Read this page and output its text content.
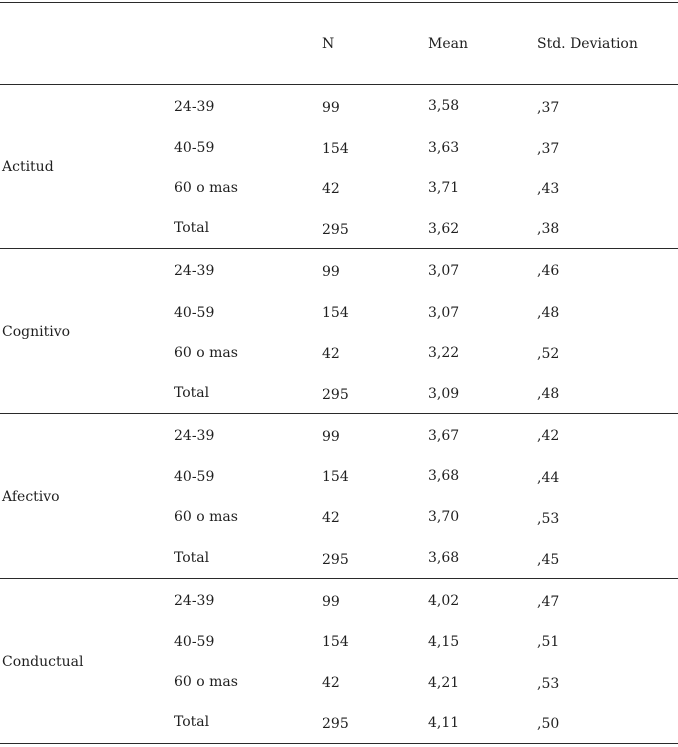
N	Mean	Std. Deviation
Actitud
24-39	99	3,58	,37
40-59	154	3,63	,37
60 o mas	42	3,71	,43
Total	295	3,62	,38
Cognitivo
24-39	99	3,07	,46
40-59	154	3,07	,48
60 o mas	42	3,22	,52
Total	295	3,09	,48
Afectivo
24-39	99	3,67	,42
40-59	154	3,68	,44
60 o mas	42	3,70	,53
Total	295	3,68	,45
Conductual
24-39	99	4,02	,47
40-59	154	4,15	,51
60 o mas	42	4,21	,53
Total	295	4,11	,50
